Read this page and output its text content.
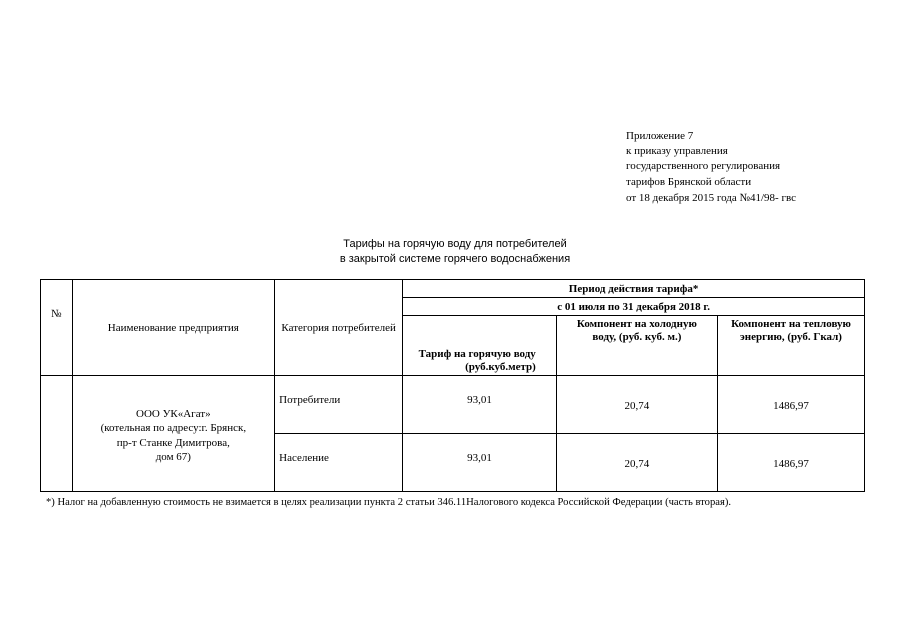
Приложение 7
к приказу управления
государственного регулирования
тарифов Брянской области
от 18 декабря 2015 года №41/98- гвс
Тарифы на горячую воду для потребителей
в закрытой системе горячего водоснабжения
№	Наименование предприятия	Категория потребителей	Период действия тарифа*		
			с 01 июля по 31 декабря 2018 г.		
			Тариф на горячую воду (руб.куб.метр)	Компонент на холодную воду, (руб. куб. м.)	Компонент на тепловую энергию, (руб. Гкал)

	ООО УК«Агат»
(котельная по адресу:г. Брянск,
пр-т Станке Димитрова,
дом 67)	Потребители	93,01	20,74	1486,97
		Население	93,01	20,74	1486,97
*) Налог на добавленную стоимость не взимается в целях реализации пункта 2 статьи 346.11Налогового кодекса Российской Федерации (часть вторая).
